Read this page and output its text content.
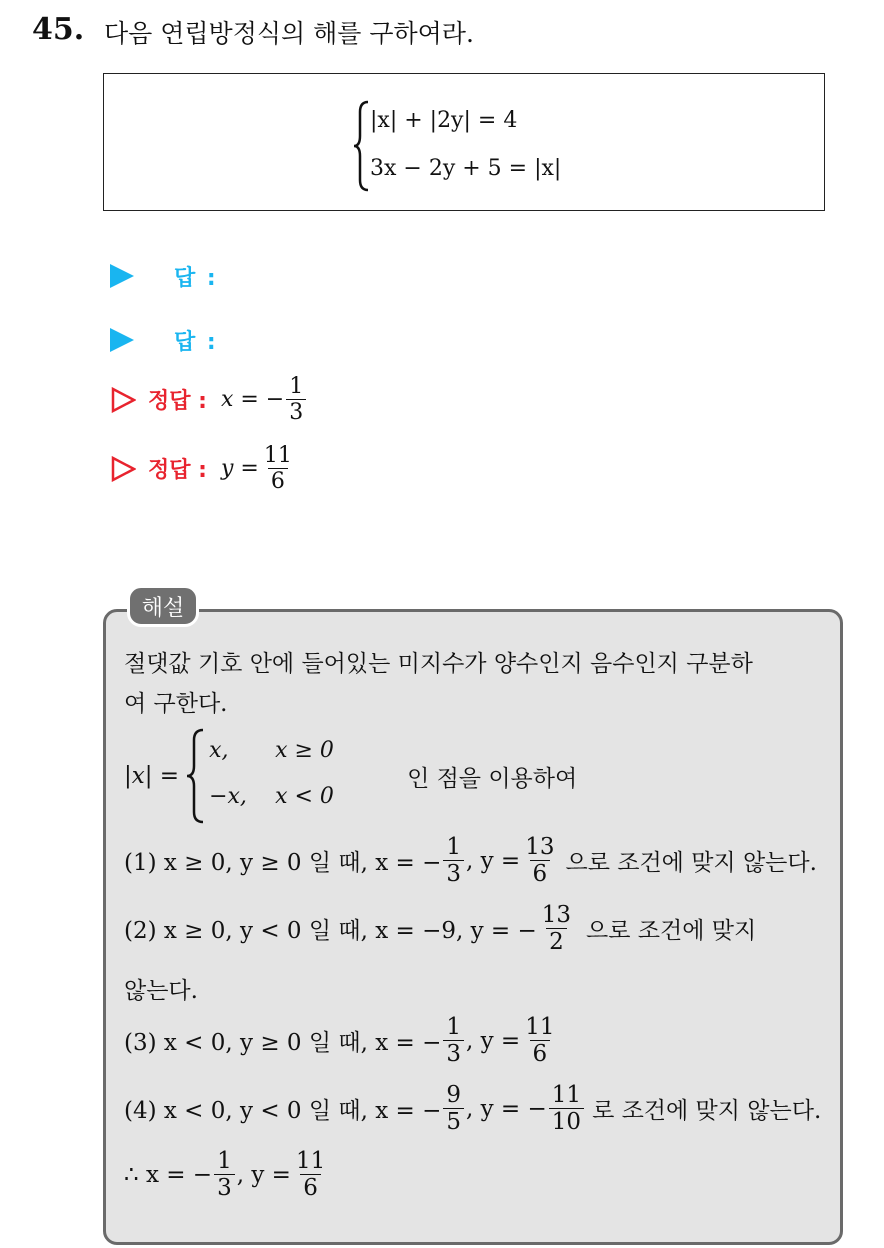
45. 다음 연립방정식의 해를 구하여라.
|x| + |2y| = 4
3x − 2y + 5 = |x|
답 :
답 :
정답 : x = − $\frac{1}{3}$
정답 : $y = \frac{11}{6}$
해설
절댓값 기호 안에 들어있는 미지수가 양수인지 음수인지 구분하
여 구한다.
|x| =
x, x ≥ 0
−x, x < 0
인 점을 이용하여
(1) x ≥ 0, y ≥ 0 일 때, x = − $\frac{1}{3}$ , $y = \frac{13}{6}$ 으로 조건에 맞지 않는다.
(2) x ≥ 0, y < 0 일 때, x = −9, y = − $\frac{13}{2}$ 으로 조건에 맞지
않는다.
(3) x < 0, y ≥ 0 일 때, x = − $\frac{1}{3}$ , $y = \frac{11}{6}$
(4) x < 0, y < 0 일 때, x = − $\frac{9}{5}$ , y = − $\frac{11}{10}$ 로 조건에 맞지 않는다.
∴ x = − $\frac{1}{3}$ , $y = \frac{11}{6}$
